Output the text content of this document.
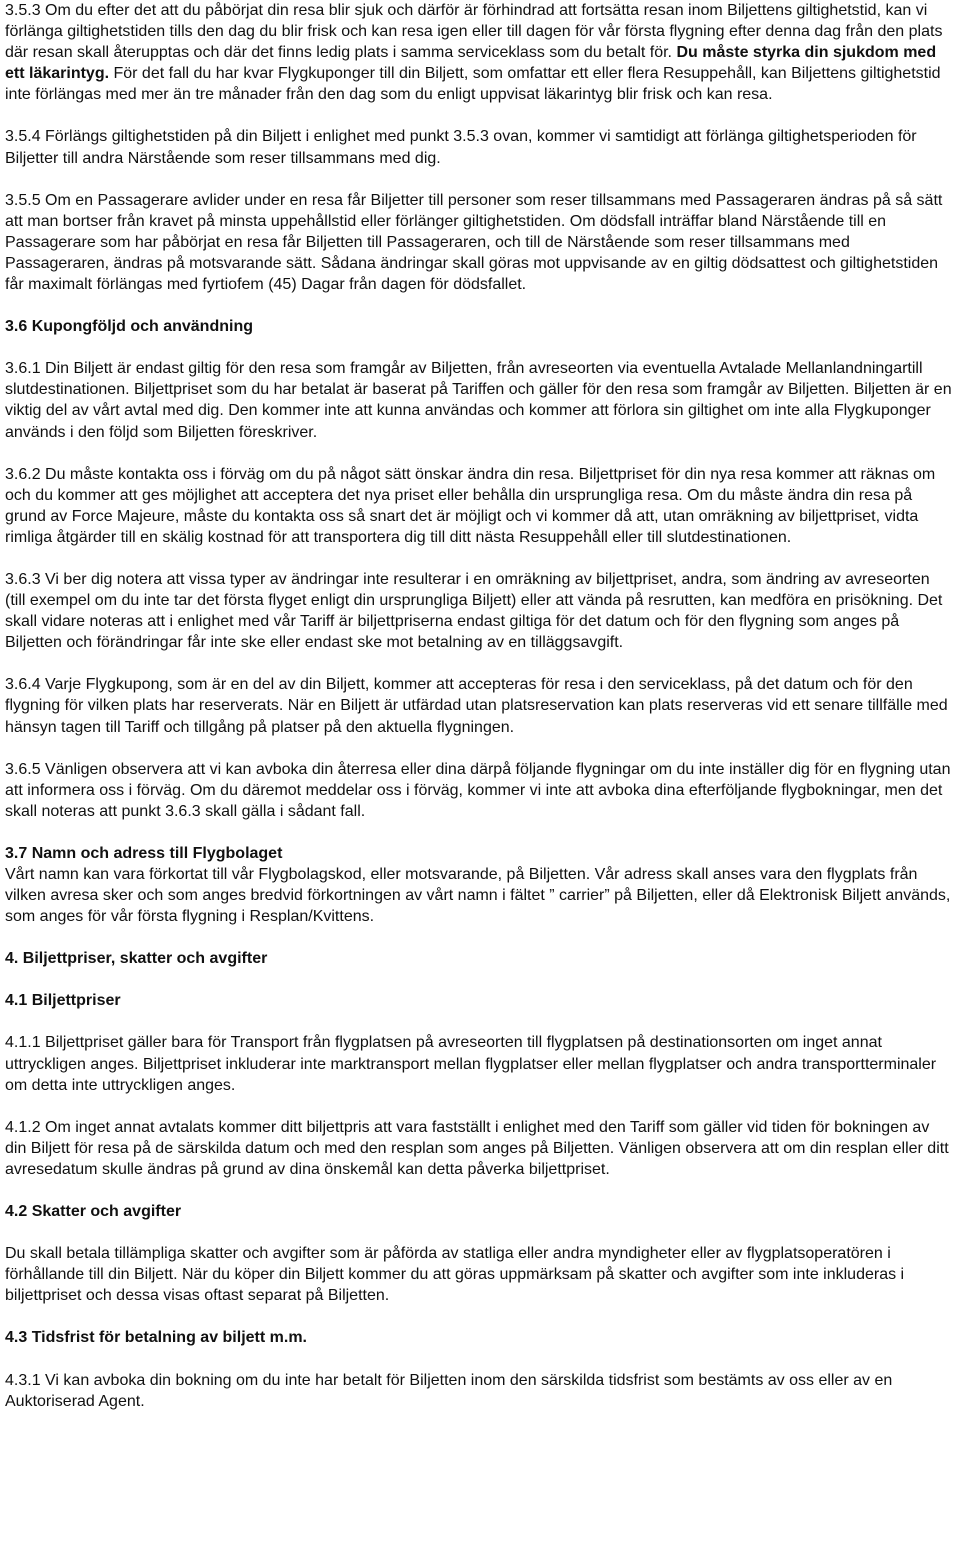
3.5.3 Om du efter det att du påbörjat din resa blir sjuk och därför är förhindrad att fortsätta resan inom Biljettens giltighetstid, kan vi förlänga giltighetstiden tills den dag du blir frisk och kan resa igen eller till dagen för vår första flygning efter denna dag från den plats där resan skall återupptas och där det finns ledig plats i samma serviceklass som du betalt för. Du måste styrka din sjukdom med ett läkarintyg. För det fall du har kvar Flygkuponger till din Biljett, som omfattar ett eller flera Resuppehåll, kan Biljettens giltighetstid inte förlängas med mer än tre månader från den dag som du enligt uppvisat läkarintyg blir frisk och kan resa.

3.5.4 Förlängs giltighetstiden på din Biljett i enlighet med punkt 3.5.3 ovan, kommer vi samtidigt att förlänga giltighetsperioden för Biljetter till andra Närstående som reser tillsammans med dig.

3.5.5 Om en Passagerare avlider under en resa får Biljetter till personer som reser tillsammans med Passageraren ändras på så sätt att man bortser från kravet på minsta uppehållstid eller förlänger giltighetstiden. Om dödsfall inträffar bland Närstående till en Passagerare som har påbörjat en resa får Biljetten till Passageraren, och till de Närstående som reser tillsammans med Passageraren, ändras på motsvarande sätt. Sådana ändringar skall göras mot uppvisande av en giltig dödsattest och giltighetstiden får maximalt förlängas med fyrtiofem (45) Dagar från dagen för dödsfallet.

3.6 Kupongföljd och användning

3.6.1 Din Biljett är endast giltig för den resa som framgår av Biljetten, från avreseorten via eventuella Avtalade Mellanlandningartill slutdestinationen. Biljettpriset som du har betalat är baserat på Tariffen och gäller för den resa som framgår av Biljetten. Biljetten är en viktig del av vårt avtal med dig. Den kommer inte att kunna användas och kommer att förlora sin giltighet om inte alla Flygkuponger används i den följd som Biljetten föreskriver.

3.6.2 Du måste kontakta oss i förväg om du på något sätt önskar ändra din resa. Biljettpriset för din nya resa kommer att räknas om och du kommer att ges möjlighet att acceptera det nya priset eller behålla din ursprungliga resa. Om du måste ändra din resa på grund av Force Majeure, måste du kontakta oss så snart det är möjligt och vi kommer då att, utan omräkning av biljettpriset, vidta rimliga åtgärder till en skälig kostnad för att transportera dig till ditt nästa Resuppehåll eller till slutdestinationen.

3.6.3 Vi ber dig notera att vissa typer av ändringar inte resulterar i en omräkning av biljettpriset, andra, som ändring av avreseorten (till exempel om du inte tar det första flyget enligt din ursprungliga Biljett) eller att vända på resrutten, kan medföra en prisökning. Det skall vidare noteras att i enlighet med vår Tariff är biljettpriserna endast giltiga för det datum och för den flygning som anges på Biljetten och förändringar får inte ske eller endast ske mot betalning av en tilläggsavgift.

3.6.4 Varje Flygkupong, som är en del av din Biljett, kommer att accepteras för resa i den serviceklass, på det datum och för den flygning för vilken plats har reserverats. När en Biljett är utfärdad utan platsreservation kan plats reserveras vid ett senare tillfälle med hänsyn tagen till Tariff och tillgång på platser på den aktuella flygningen.

3.6.5 Vänligen observera att vi kan avboka din återresa eller dina därpå följande flygningar om du inte inställer dig för en flygning utan att informera oss i förväg. Om du däremot meddelar oss i förväg, kommer vi inte att avboka dina efterföljande flygbokningar, men det skall noteras att punkt 3.6.3 skall gälla i sådant fall.

3.7 Namn och adress till Flygbolaget

Vårt namn kan vara förkortat till vår Flygbolagskod, eller motsvarande, på Biljetten. Vår adress skall anses vara den flygplats från vilken avresa sker och som anges bredvid förkortningen av vårt namn i fältet ” carrier” på Biljetten, eller då Elektronisk Biljett används, som anges för vår första flygning i Resplan/Kvittens.

4. Biljettpriser, skatter och avgifter
4.1 Biljettpriser

4.1.1 Biljettpriset gäller bara för Transport från flygplatsen på avreseorten till flygplatsen på destinationsorten om inget annat uttryckligen anges. Biljettpriset inkluderar inte marktransport mellan flygplatser eller mellan flygplatser och andra transportterminaler om detta inte uttryckligen anges.

4.1.2 Om inget annat avtalats kommer ditt biljettpris att vara fastställt i enlighet med den Tariff som gäller vid tiden för bokningen av din Biljett för resa på de särskilda datum och med den resplan som anges på Biljetten. Vänligen observera att om din resplan eller ditt avresedatum skulle ändras på grund av dina önskemål kan detta påverka biljettpriset.

4.2 Skatter och avgifter

Du skall betala tillämpliga skatter och avgifter som är påförda av statliga eller andra myndigheter eller av flygplatsoperatören i
förhållande till din Biljett. När du köper din Biljett kommer du att göras uppmärksam på skatter och avgifter som inte inkluderas i biljettpriset och dessa visas oftast separat på Biljetten.

4.3 Tidsfrist för betalning av biljett m.m.

4.3.1 Vi kan avboka din bokning om du inte har betalt för Biljetten inom den särskilda tidsfrist som bestämts av oss eller av en Auktoriserad Agent.
